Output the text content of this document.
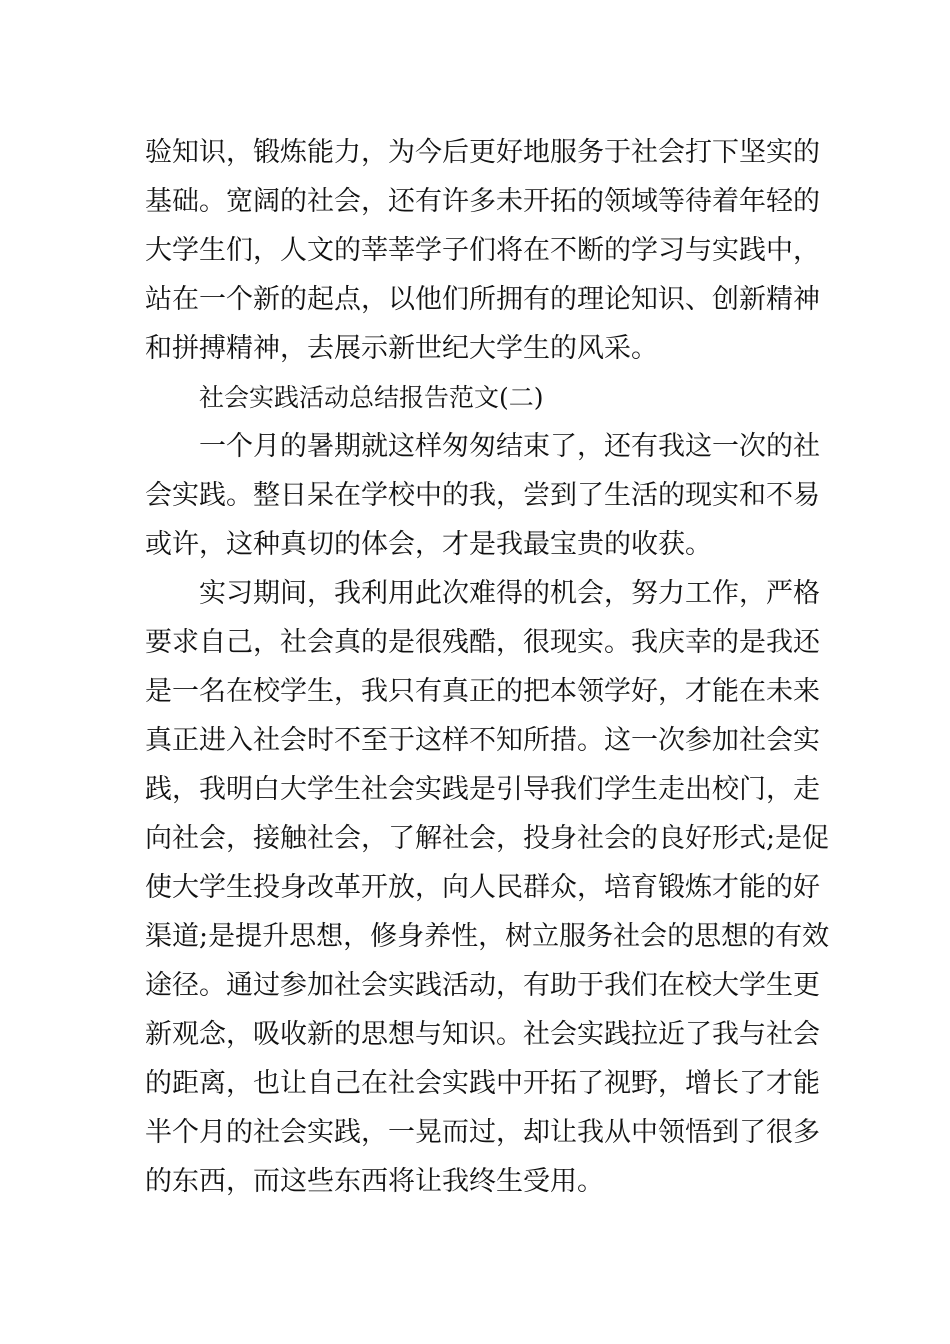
验知识，锻炼能力，为今后更好地服务于社会打下坚实的
基础。宽阔的社会，还有许多未开拓的领域等待着年轻的
大学生们，人文的莘莘学子们将在不断的学习与实践中，
站在一个新的起点，以他们所拥有的理论知识、创新精神
和拼搏精神，去展示新世纪大学生的风采。
社会实践活动总结报告范文(二)
一个月的暑期就这样匆匆结束了，还有我这一次的社
会实践。整日呆在学校中的我，尝到了生活的现实和不易
或许，这种真切的体会，才是我最宝贵的收获。
实习期间，我利用此次难得的机会，努力工作，严格
要求自己，社会真的是很残酷，很现实。我庆幸的是我还
是一名在校学生，我只有真正的把本领学好，才能在未来
真正进入社会时不至于这样不知所措。这一次参加社会实
践，我明白大学生社会实践是引导我们学生走出校门，走
向社会，接触社会，了解社会，投身社会的良好形式;是促
使大学生投身改革开放，向人民群众，培育锻炼才能的好
渠道;是提升思想，修身养性，树立服务社会的思想的有效
途径。通过参加社会实践活动，有助于我们在校大学生更
新观念，吸收新的思想与知识。社会实践拉近了我与社会
的距离，也让自己在社会实践中开拓了视野，增长了才能
半个月的社会实践，一晃而过，却让我从中领悟到了很多
的东西，而这些东西将让我终生受用。
